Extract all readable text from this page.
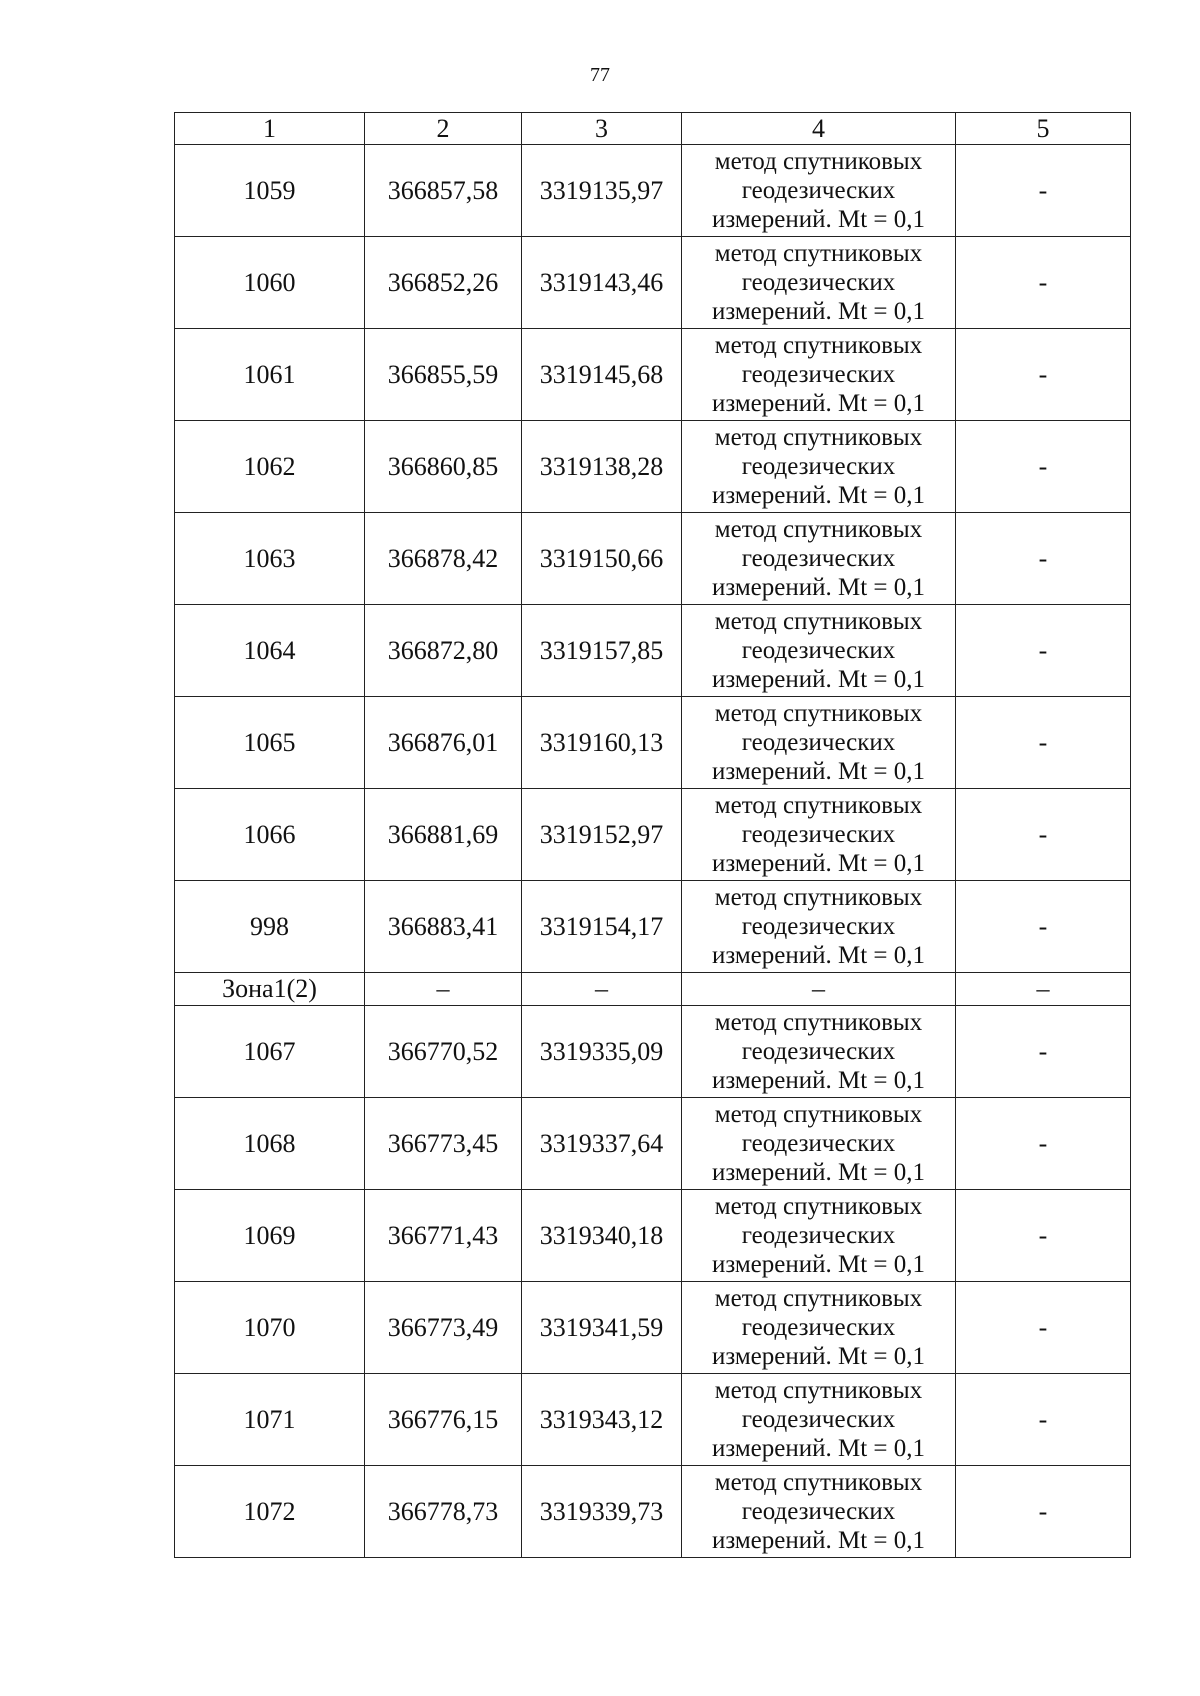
77
1	2	3	4	5
1059	366857,58	3319135,97	метод спутниковых геодезических измерений. Mt = 0,1	-
1060	366852,26	3319143,46	метод спутниковых геодезических измерений. Mt = 0,1	-
1061	366855,59	3319145,68	метод спутниковых геодезических измерений. Mt = 0,1	-
1062	366860,85	3319138,28	метод спутниковых геодезических измерений. Mt = 0,1	-
1063	366878,42	3319150,66	метод спутниковых геодезических измерений. Mt = 0,1	-
1064	366872,80	3319157,85	метод спутниковых геодезических измерений. Mt = 0,1	-
1065	366876,01	3319160,13	метод спутниковых геодезических измерений. Mt = 0,1	-
1066	366881,69	3319152,97	метод спутниковых геодезических измерений. Mt = 0,1	-
998	366883,41	3319154,17	метод спутниковых геодезических измерений. Mt = 0,1	-
Зона1(2)	–	–	–	–
1067	366770,52	3319335,09	метод спутниковых геодезических измерений. Mt = 0,1	-
1068	366773,45	3319337,64	метод спутниковых геодезических измерений. Mt = 0,1	-
1069	366771,43	3319340,18	метод спутниковых геодезических измерений. Mt = 0,1	-
1070	366773,49	3319341,59	метод спутниковых геодезических измерений. Mt = 0,1	-
1071	366776,15	3319343,12	метод спутниковых геодезических измерений. Mt = 0,1	-
1072	366778,73	3319339,73	метод спутниковых геодезических измерений. Mt = 0,1	-
